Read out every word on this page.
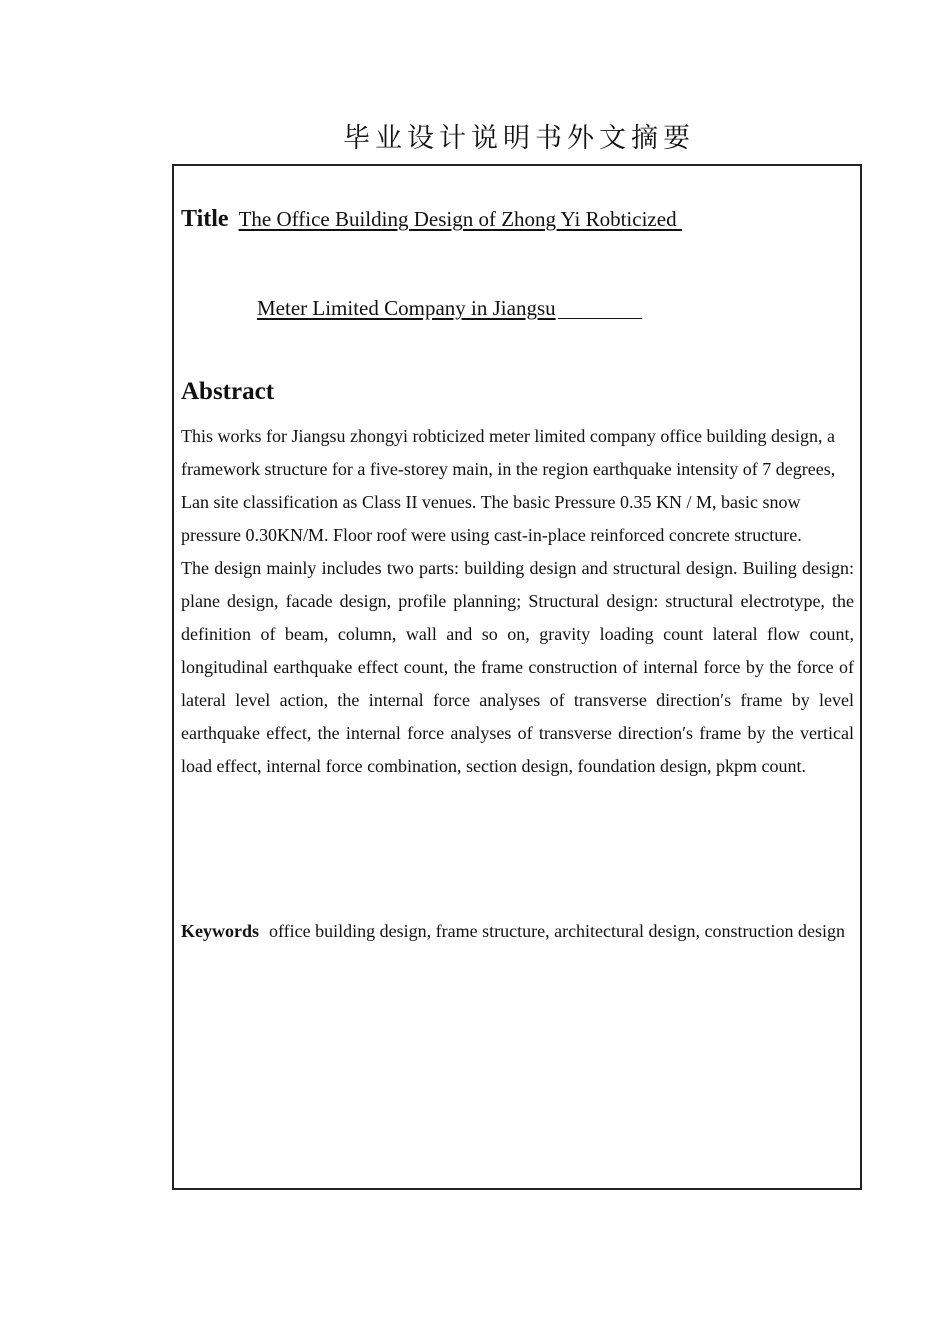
毕业设计说明书外文摘要
Title The Office Building Design of Zhong Yi Robticized
Meter Limited Company in Jiangsu
Abstract

This works for Jiangsu zhongyi robticized meter limited company office building design, a framework structure for a five-storey main, in the region earthquake intensity of 7 degrees, Lan site classification as Class II venues. The basic Pressure 0.35 KN / M, basic snow pressure 0.30KN/M. Floor roof were using cast-in-place reinforced concrete structure.

The design mainly includes two parts: building design and structural design. Builing design: plane design, facade design, profile planning; Structural design: structural electrotype, the definition of beam, column, wall and so on, gravity loading count lateral flow count, longitudinal earthquake effect count, the frame construction of internal force by the force of lateral level action, the internal force analyses of transverse direction′s frame by level earthquake effect, the internal force analyses of transverse direction′s frame by the vertical load effect, internal force combination, section design, foundation design, pkpm count.

Keywords office building design, frame structure, architectural design, construction design
